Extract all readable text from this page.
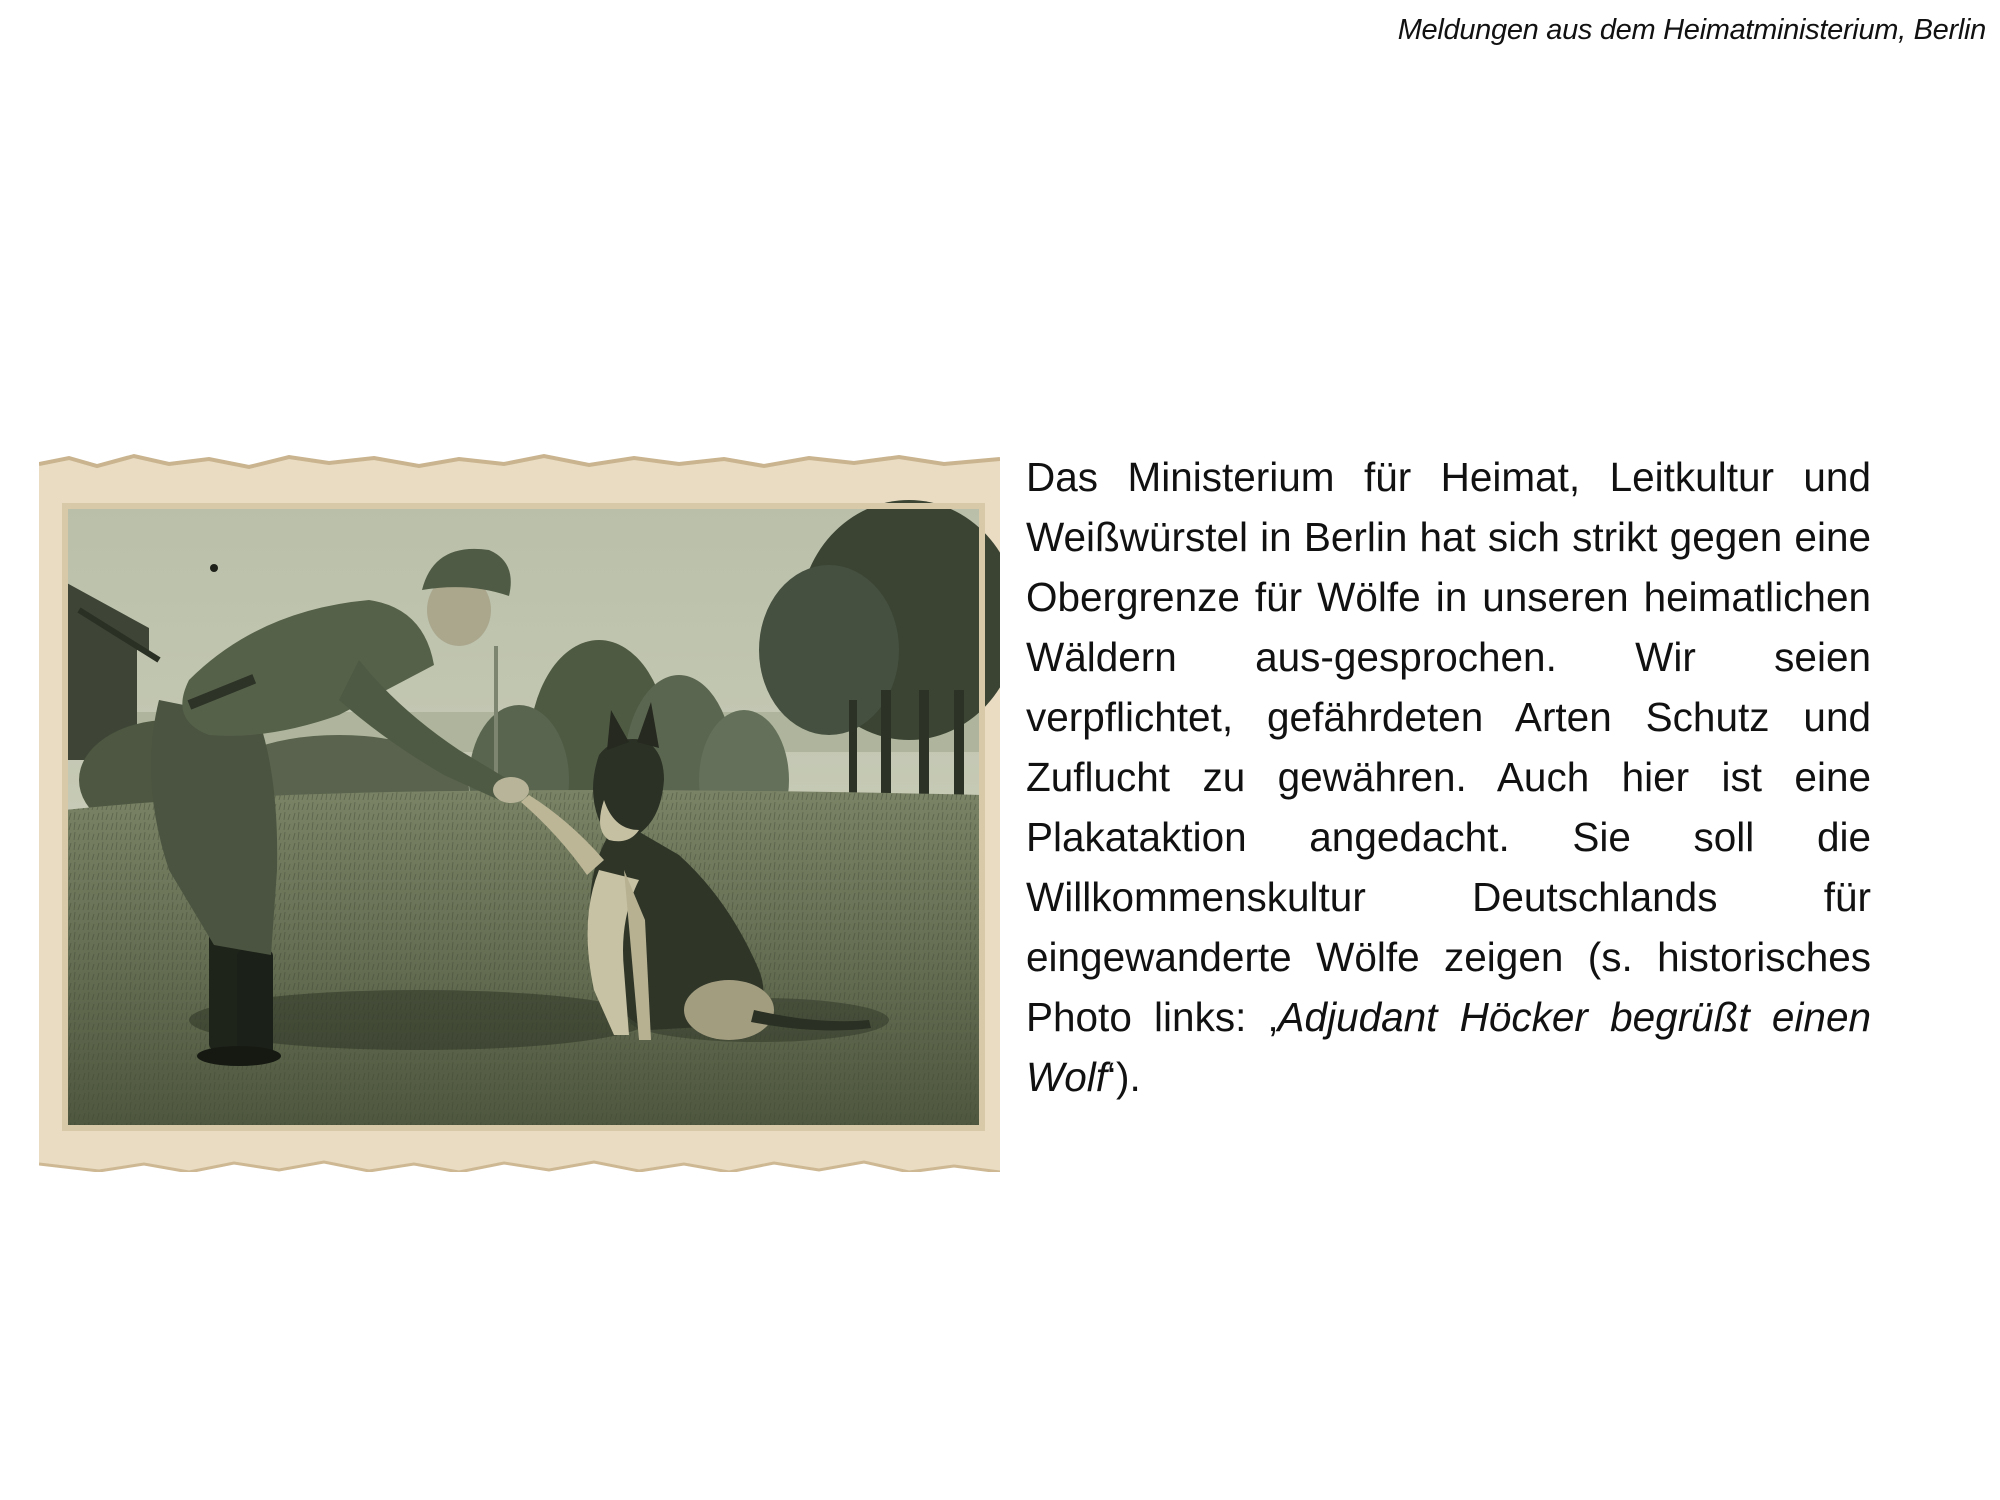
Meldungen aus dem Heimatministerium, Berlin
Das Ministerium für Heimat, Leitkultur und Weißwürstel in Berlin hat sich strikt gegen eine Obergrenze für Wölfe in unseren heimatlichen Wäldern aus-gesprochen. Wir seien verpflichtet, gefährdeten Arten Schutz und Zuflucht zu gewähren. Auch hier ist eine Plakataktion angedacht. Sie soll die Willkommenskultur Deutschlands für eingewanderte Wölfe zeigen (s. historisches Photo links: ‚Adjudant Höcker begrüßt einen Wolf‘).
